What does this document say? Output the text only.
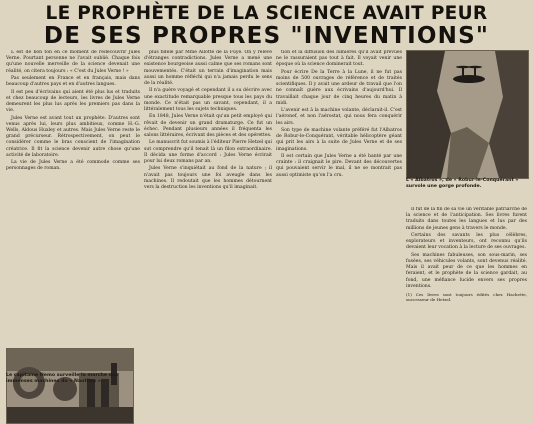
LE PROPHÈTE DE LA SCIENCE AVAIT PEUR
DE SES PROPRES "INVENTIONS"

L est de bon ton en ce moment de redécouvrir Jules Verne. Pourtant personne ne l'avait oublié. Chaque fois qu'une nouvelle merveille de la science devenait une réalité, on citera toujours : « C'est du Jules Verne ! »

Pas seulement en France et en français, mais dans beaucoup d'autres pays et en d'autres langues.

Il est peu d'écrivains qui aient été plus lus et traduits et chez beaucoup de lecteurs, les livres de Jules Verne demeurent les plus lus après les premiers pas dans la vie.

Jules Verne est avant tout un prophète. D'autres sont venus après lui, leurs plus ambitieux, comme H.-G. Wells, Aldous Huxley et autres. Mais Jules Verne reste le grand précurseur. Rétrospectivement, on peut le considérer comme le bras conscient de l'imagination créatrice. Il fit la science devenir autre chose qu'une activité de laboratoire.

La vie de Jules Verne a été commode comme ses personnages de roman.

plus fidèle par Mme Allotte de la Fuÿe. On y relève d'étranges contradictions. Jules Verne a mené une existence bourgeoise aussi calme que ses romans sont mouvementés. C'était un terrain d'imagination mais aussi un homme réfléchi qui n'a jamais perdu le sens de la réalité.

Il n'a guère voyagé et cependant il a su décrire avec une exactitude remarquable presque tous les pays du monde. Ce n'était pas un savant, cependant, il a littéralement tous les sujets techniques.

En 1848, Jules Verne n'était qu'un petit employé qui rêvait de devenir un grand dramaturge. Ce fut un échec. Pendant plusieurs années il fréquenta les salons littéraires, écrivant des pièces et des opérettes.

Le manuscrit fut soumis à l'éditeur Pierre Hetzel qui sut comprendre qu'il tenait là un filon extraordinaire. Il décida une forme d'accord : Jules Verne écrirait pour lui deux romans par an.

Jules Verne s'inquiétait au fond de la nature ; il n'avait pas toujours une foi aveugle dans les machines. Il redoutait que les hommes détournent vers la destruction les inventions qu'il imaginait.

tion et la diffusion des lumières qu'il avait prévues ne le rassuraient pas tout à fait. Il voyait venir une époque où la science dominerait tout.

Pour écrire De la Terre à la Lune, il ne fut pas moins de 500 ouvrages de référence et de traités scientifiques. Il y avait une ardeur de travail que l'on ne connaît guère aux écrivains d'aujourd'hui. Il travaillait chaque jour de cinq heures du matin à midi.

L'avenir est à la machine volante, déclarait-il. C'est l'aéronef, et non l'aérostat, qui nous fera conquérir les airs.

Son type de machine volante préféré fut l'Albatros de Robur-le-Conquérant, véritable hélicoptère géant qui prit les airs à la suite de Jules Verne et de ses imaginations.

Il est certain que Jules Verne a été hanté par une crainte : il craignait le pire. Devant des découvertes qui pouvaient servir le mal, il ne se montrait pas aussi optimiste qu'on l'a cru.

Il fut de la fin de sa vie un véritable patriarche de la science et de l'anticipation. Ses livres furent traduits dans toutes les langues et lus par des millions de jeunes gens à travers le monde.

Certains des savants les plus célèbres, explorateurs et inventeurs, ont reconnu qu'ils devaient leur vocation à la lecture de ses ouvrages.

Ses machines fabuleuses, son sous-marin, ses fusées, ses véhicules volants, sont devenus réalité. Mais il avait peur de ce que les hommes en feraient, et le prophète de la science gardait, au fond, une méfiance lucide envers ses propres inventions.

(1) Ces livres sont toujours édités chez Hachette, successeur de Hetzel.
Le capitaine Nemo surveille la marche des immenses machines du « Nautilus ».
L'« Albatros », de « Robur-le-Conquérant » survole une gorge profonde.
